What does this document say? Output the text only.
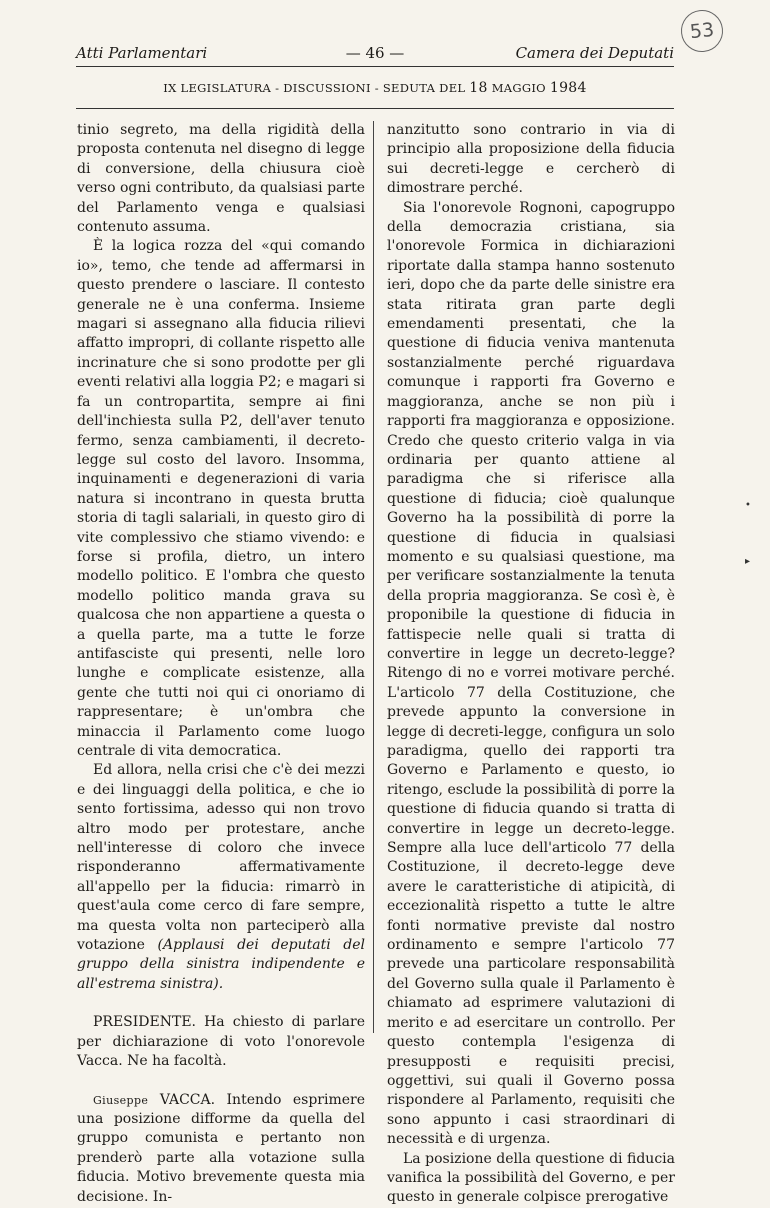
53
Atti Parlamentari	— 46 —	Camera dei Deputati
IX LEGISLATURA - DISCUSSIONI - SEDUTA DEL 18 MAGGIO 1984

tinio segreto, ma della rigidità della proposta contenuta nel disegno di legge di conversione, della chiusura cioè verso ogni contributo, da qualsiasi parte del Parlamento venga e qualsiasi contenuto assuma.

È la logica rozza del «qui comando io», temo, che tende ad affermarsi in questo prendere o lasciare. Il contesto generale ne è una conferma. Insieme magari si assegnano alla fiducia rilievi affatto impropri, di collante rispetto alle incrinature che si sono prodotte per gli eventi relativi alla loggia P2; e magari si fa un contropartita, sempre ai fini dell'inchiesta sulla P2, dell'aver tenuto fermo, senza cambiamenti, il decreto-legge sul costo del lavoro. Insomma, inquinamenti e degenerazioni di varia natura si incontrano in questa brutta storia di tagli salariali, in questo giro di vite complessivo che stiamo vivendo: e forse si profila, dietro, un intero modello politico. E l'ombra che questo modello politico manda grava su qualcosa che non appartiene a questa o a quella parte, ma a tutte le forze antifasciste qui presenti, nelle loro lunghe e complicate esistenze, alla gente che tutti noi qui ci onoriamo di rappresentare; è un'ombra che minaccia il Parlamento come luogo centrale di vita democratica.

Ed allora, nella crisi che c'è dei mezzi e dei linguaggi della politica, e che io sento fortissima, adesso qui non trovo altro modo per protestare, anche nell'interesse di coloro che invece risponderanno affermativamente all'appello per la fiducia: rimarrò in quest'aula come cerco di fare sempre, ma questa volta non parteciperò alla votazione (Applausi dei deputati del gruppo della sinistra indipendente e all'estrema sinistra).

PRESIDENTE. Ha chiesto di parlare per dichiarazione di voto l'onorevole Vacca. Ne ha facoltà.

Giuseppe VACCA. Intendo esprimere una posizione difforme da quella del gruppo comunista e pertanto non prenderò parte alla votazione sulla fiducia. Motivo brevemente questa mia decisione. In-

nanzitutto sono contrario in via di principio alla proposizione della fiducia sui decreti-legge e cercherò di dimostrare perché.

Sia l'onorevole Rognoni, capogruppo della democrazia cristiana, sia l'onorevole Formica in dichiarazioni riportate dalla stampa hanno sostenuto ieri, dopo che da parte delle sinistre era stata ritirata gran parte degli emendamenti presentati, che la questione di fiducia veniva mantenuta sostanzialmente perché riguardava comunque i rapporti fra Governo e maggioranza, anche se non più i rapporti fra maggioranza e opposizione. Credo che questo criterio valga in via ordinaria per quanto attiene al paradigma che si riferisce alla questione di fiducia; cioè qualunque Governo ha la possibilità di porre la questione di fiducia in qualsiasi momento e su qualsiasi questione, ma per verificare sostanzialmente la tenuta della propria maggioranza. Se così è, è proponibile la questione di fiducia in fattispecie nelle quali si tratta di convertire in legge un decreto-legge? Ritengo di no e vorrei motivare perché. L'articolo 77 della Costituzione, che prevede appunto la conversione in legge di decreti-legge, configura un solo paradigma, quello dei rapporti tra Governo e Parlamento e questo, io ritengo, esclude la possibilità di porre la questione di fiducia quando si tratta di convertire in legge un decreto-legge. Sempre alla luce dell'articolo 77 della Costituzione, il decreto-legge deve avere le caratteristiche di atipicità, di eccezionalità rispetto a tutte le altre fonti normative previste dal nostro ordinamento e sempre l'articolo 77 prevede una particolare responsabilità del Governo sulla quale il Parlamento è chiamato ad esprimere valutazioni di merito e ad esercitare un controllo. Per questo contempla l'esigenza di presupposti e requisiti precisi, oggettivi, sui quali il Governo possa rispondere al Parlamento, requisiti che sono appunto i casi straordinari di necessità e di urgenza.

La posizione della questione di fiducia vanifica la possibilità del Governo, e per questo in generale colpisce prerogative

•
▸
